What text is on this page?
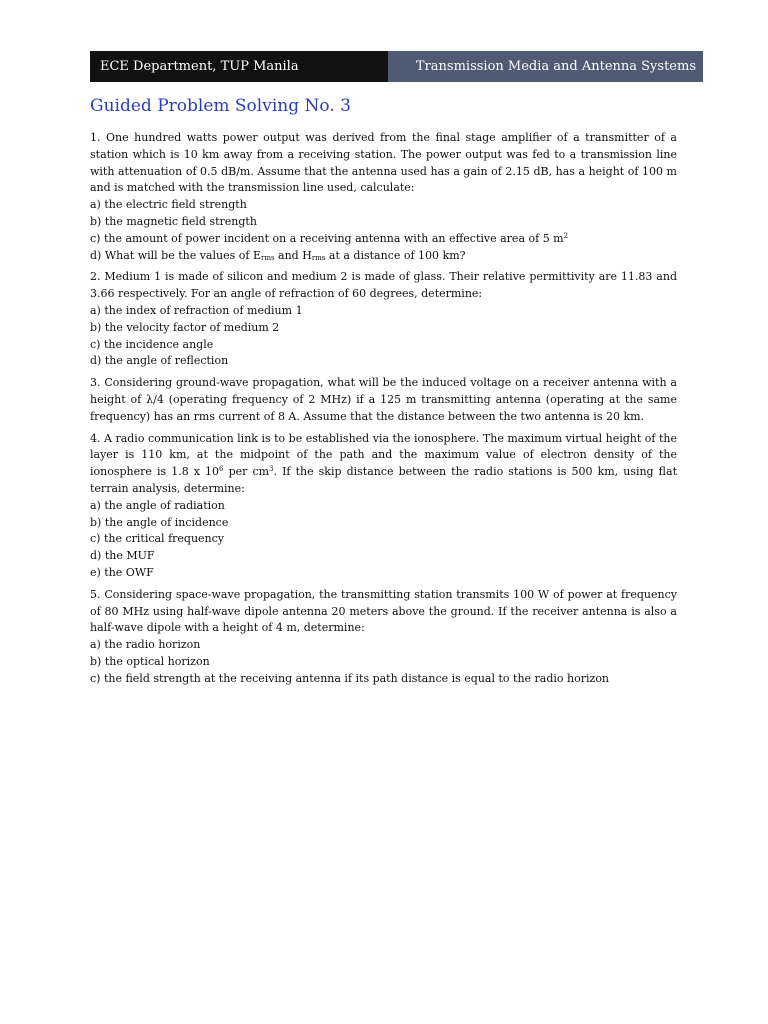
ECE Department, TUP Manila	Transmission Media and Antenna Systems
Guided Problem Solving No. 3
1. One hundred watts power output was derived from the final stage amplifier of a transmitter of a station which is 10 km away from a receiving station. The power output was fed to a transmission line with attenuation of 0.5 dB/m. Assume that the antenna used has a gain of 2.15 dB, has a height of 100 m and is matched with the transmission line used, calculate:
a) the electric field strength
b) the magnetic field strength
c) the amount of power incident on a receiving antenna with an effective area of 5 $m^2$
d) What will be the values of $E_{rms}$ and $H_{rms}$ at a distance of 100 km?
2. Medium 1 is made of silicon and medium 2 is made of glass. Their relative permittivity are 11.83 and 3.66 respectively. For an angle of refraction of 60 degrees, determine:
a) the index of refraction of medium 1
b) the velocity factor of medium 2
c) the incidence angle
d) the angle of reflection
3. Considering ground-wave propagation, what will be the induced voltage on a receiver antenna with a height of λ/4 (operating frequency of 2 MHz) if a 125 m transmitting antenna (operating at the same frequency) has an rms current of 8 A. Assume that the distance between the two antenna is 20 km.
4. A radio communication link is to be established via the ionosphere. The maximum virtual height of the layer is 110 km, at the midpoint of the path and the maximum value of electron density of the ionosphere is 1.8 x $10^6$ per $cm^3$. If the skip distance between the radio stations is 500 km, using flat terrain analysis, determine:
a) the angle of radiation
b) the angle of incidence
c) the critical frequency
d) the MUF
e) the OWF
5. Considering space-wave propagation, the transmitting station transmits 100 W of power at frequency of 80 MHz using half-wave dipole antenna 20 meters above the ground. If the receiver antenna is also a half-wave dipole with a height of 4 m, determine:
a) the radio horizon
b) the optical horizon
c) the field strength at the receiving antenna if its path distance is equal to the radio horizon
